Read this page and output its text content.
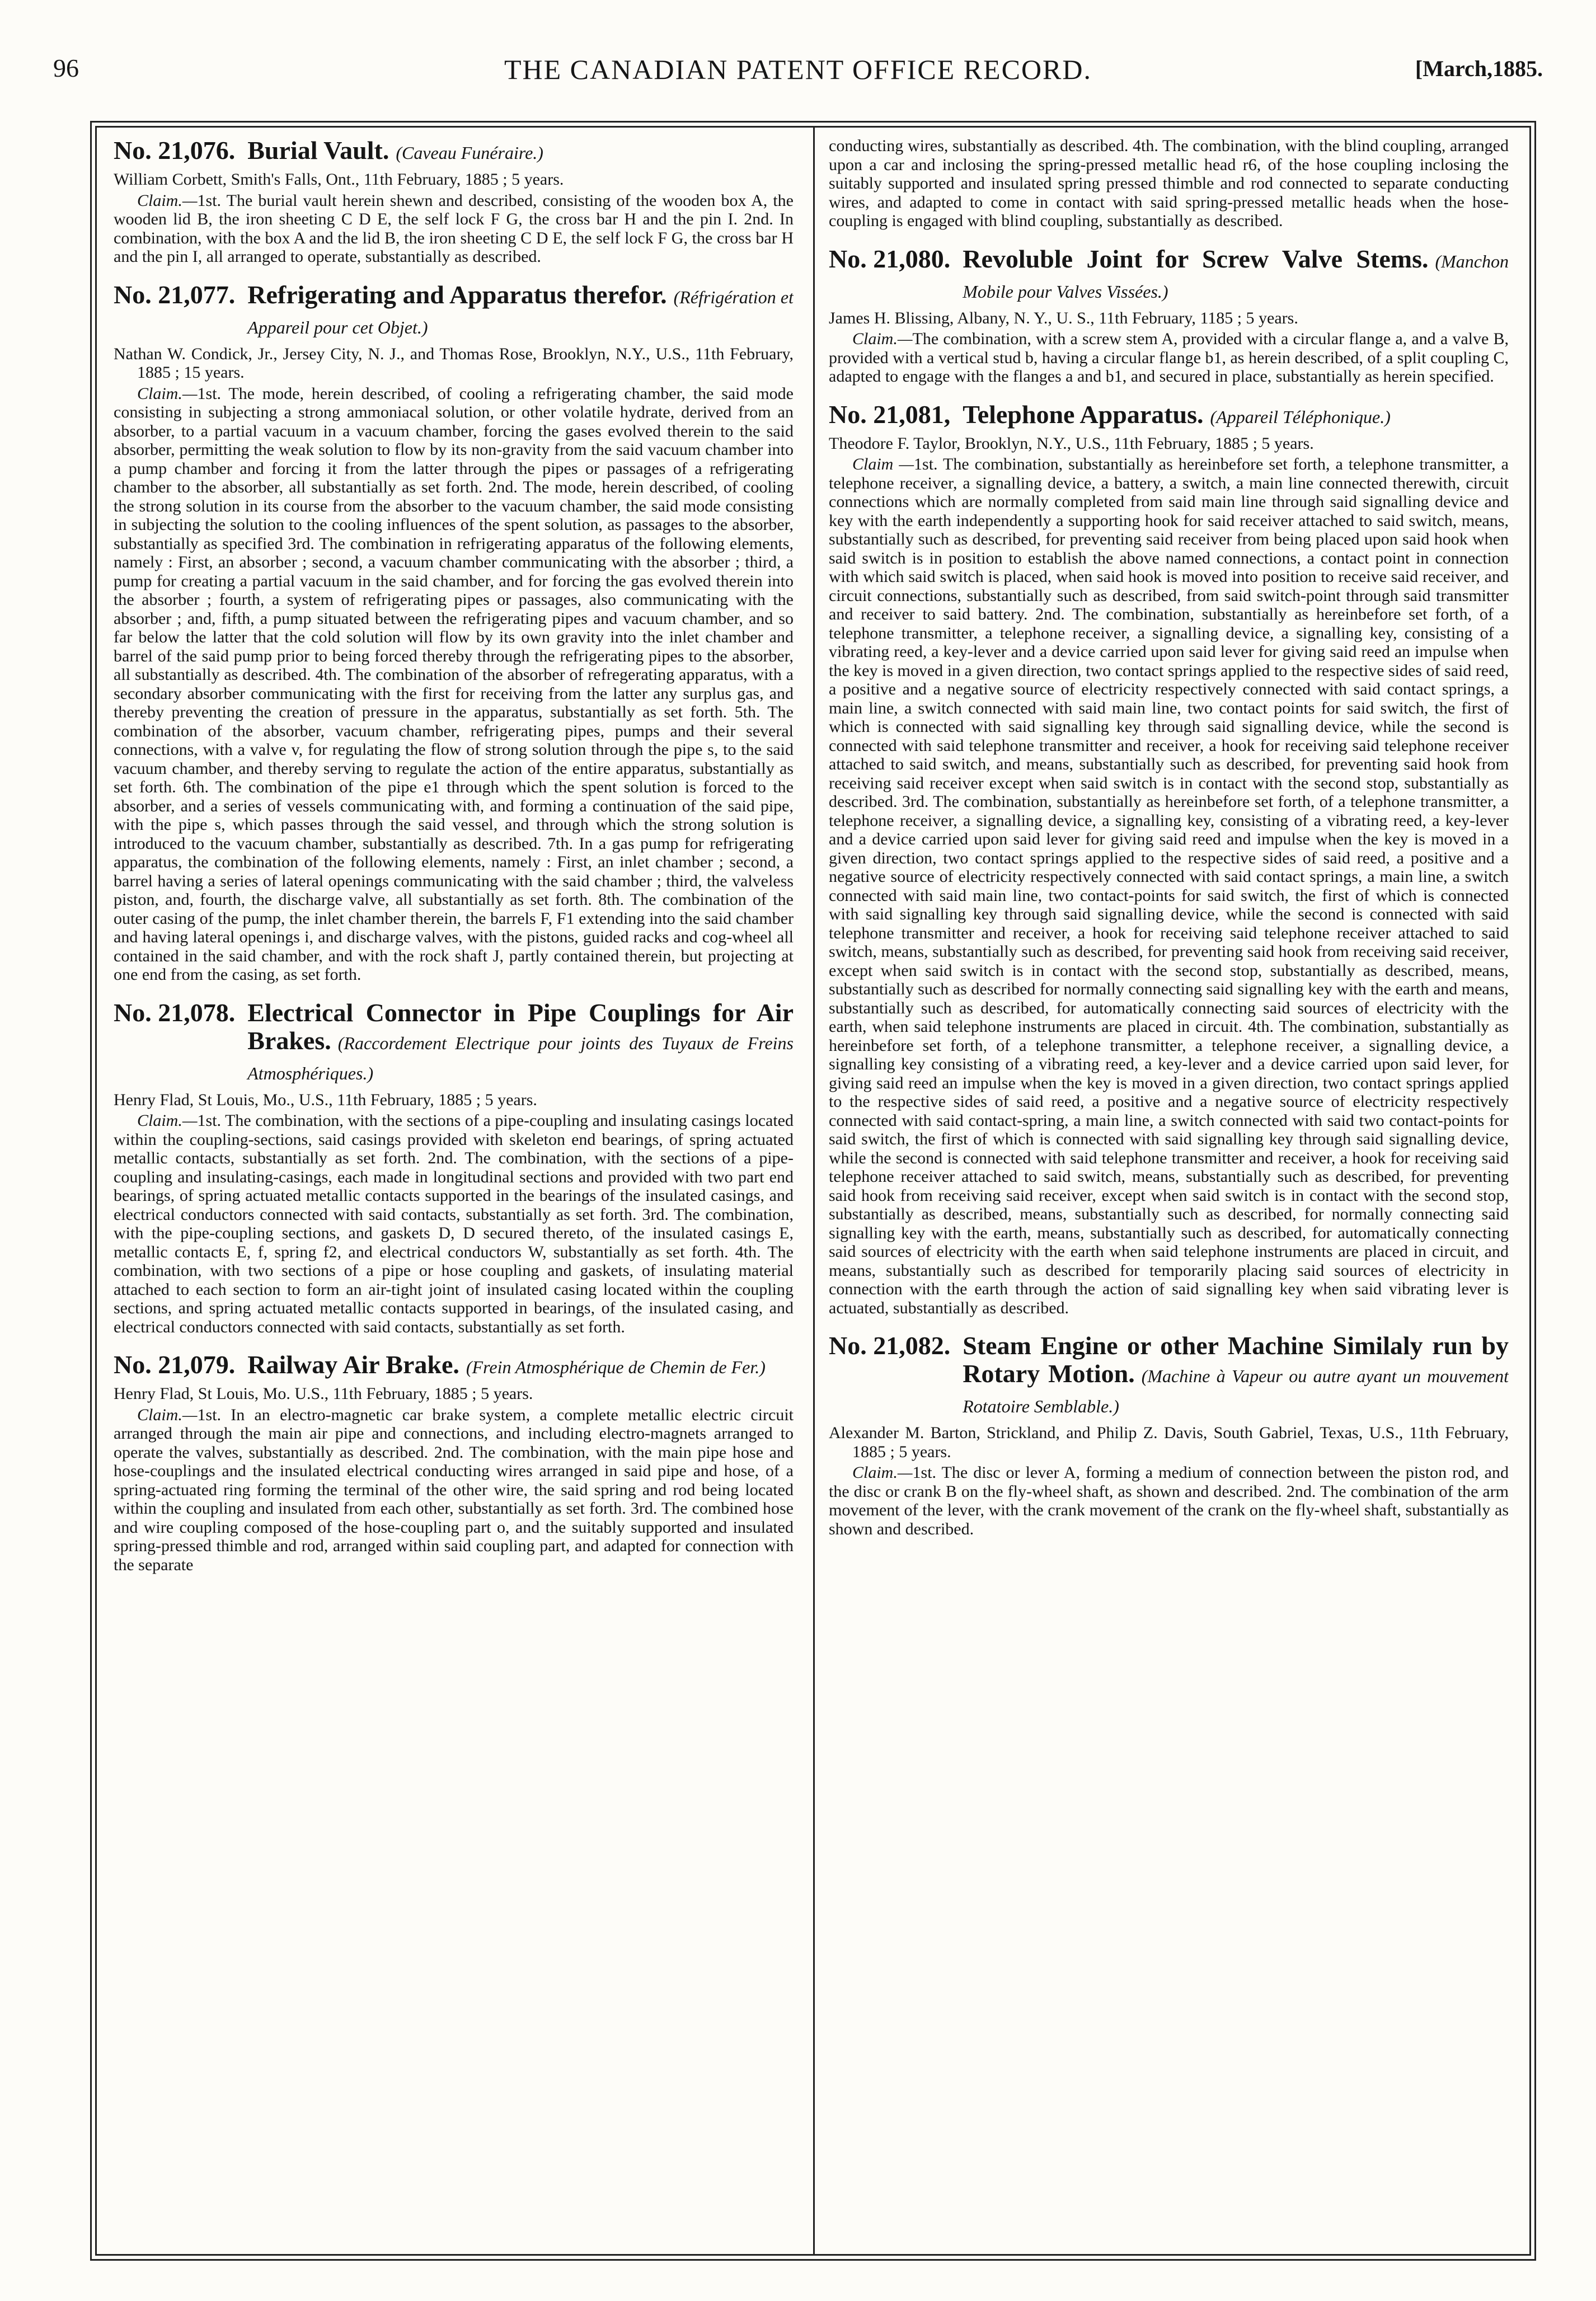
96	THE CANADIAN PATENT OFFICE RECORD.	[March,1885.
No. 21,076. Burial Vault. (Caveau Funéraire.)

William Corbett, Smith's Falls, Ont., 11th February, 1885 ; 5 years.

Claim.—1st. The burial vault herein shewn and described, consisting of the wooden box A, the wooden lid B, the iron sheeting C D E, the self lock F G, the cross bar H and the pin I. 2nd. In combination, with the box A and the lid B, the iron sheeting C D E, the self lock F G, the cross bar H and the pin I, all arranged to operate, substantially as described.

No. 21,077. Refrigerating and Apparatus therefor. (Réfrigération et Appareil pour cet Objet.)

Nathan W. Condick, Jr., Jersey City, N. J., and Thomas Rose, Brooklyn, N.Y., U.S., 11th February, 1885 ; 15 years.

Claim.—1st. The mode, herein described, of cooling a refrigerating chamber, the said mode consisting in subjecting a strong ammoniacal solution, or other volatile hydrate, derived from an absorber, to a partial vacuum in a vacuum chamber, forcing the gases evolved therein to the said absorber, permitting the weak solution to flow by its non-gravity from the said vacuum chamber into a pump chamber and forcing it from the latter through the pipes or passages of a refrigerating chamber to the absorber, all substantially as set forth. 2nd. The mode, herein described, of cooling the strong solution in its course from the absorber to the vacuum chamber, the said mode consisting in subjecting the solution to the cooling influences of the spent solution, as passages to the absorber, substantially as specified 3rd. The combination in refrigerating apparatus of the following elements, namely : First, an absorber ; second, a vacuum chamber communicating with the absorber ; third, a pump for creating a partial vacuum in the said chamber, and for forcing the gas evolved therein into the absorber ; fourth, a system of refrigerating pipes or passages, also communicating with the absorber ; and, fifth, a pump situated between the refrigerating pipes and vacuum chamber, and so far below the latter that the cold solution will flow by its own gravity into the inlet chamber and barrel of the said pump prior to being forced thereby through the refrigerating pipes to the absorber, all substantially as described. 4th. The combination of the absorber of refregerating apparatus, with a secondary absorber communicating with the first for receiving from the latter any surplus gas, and thereby preventing the creation of pressure in the apparatus, substantially as set forth. 5th. The combination of the absorber, vacuum chamber, refrigerating pipes, pumps and their several connections, with a valve v, for regulating the flow of strong solution through the pipe s, to the said vacuum chamber, and thereby serving to regulate the action of the entire apparatus, substantially as set forth. 6th. The combination of the pipe e1 through which the spent solution is forced to the absorber, and a series of vessels communicating with, and forming a continuation of the said pipe, with the pipe s, which passes through the said vessel, and through which the strong solution is introduced to the vacuum chamber, substantially as described. 7th. In a gas pump for refrigerating apparatus, the combination of the following elements, namely : First, an inlet chamber ; second, a barrel having a series of lateral openings communicating with the said chamber ; third, the valveless piston, and, fourth, the discharge valve, all substantially as set forth. 8th. The combination of the outer casing of the pump, the inlet chamber therein, the barrels F, F1 extending into the said chamber and having lateral openings i, and discharge valves, with the pistons, guided racks and cog-wheel all contained in the said chamber, and with the rock shaft J, partly contained therein, but projecting at one end from the casing, as set forth.

No. 21,078. Electrical Connector in Pipe Couplings for Air Brakes. (Raccordement Electrique pour joints des Tuyaux de Freins Atmosphériques.)

Henry Flad, St Louis, Mo., U.S., 11th February, 1885 ; 5 years.

Claim.—1st. The combination, with the sections of a pipe-coupling and insulating casings located within the coupling-sections, said casings provided with skeleton end bearings, of spring actuated metallic contacts, substantially as set forth. 2nd. The combination, with the sections of a pipe-coupling and insulating-casings, each made in longitudinal sections and provided with two part end bearings, of spring actuated metallic contacts supported in the bearings of the insulated casings, and electrical conductors connected with said contacts, substantially as set forth. 3rd. The combination, with the pipe-coupling sections, and gaskets D, D secured thereto, of the insulated casings E, metallic contacts E, f, spring f2, and electrical conductors W, substantially as set forth. 4th. The combination, with two sections of a pipe or hose coupling and gaskets, of insulating material attached to each section to form an air-tight joint of insulated casing located within the coupling sections, and spring actuated metallic contacts supported in bearings, of the insulated casing, and electrical conductors connected with said contacts, substantially as set forth.

No. 21,079. Railway Air Brake. (Frein Atmosphérique de Chemin de Fer.)

Henry Flad, St Louis, Mo. U.S., 11th February, 1885 ; 5 years.

Claim.—1st. In an electro-magnetic car brake system, a complete metallic electric circuit arranged through the main air pipe and connections, and including electro-magnets arranged to operate the valves, substantially as described. 2nd. The combination, with the main pipe hose and hose-couplings and the insulated electrical conducting wires arranged in said pipe and hose, of a spring-actuated ring forming the terminal of the other wire, the said spring and rod being located within the coupling and insulated from each other, substantially as set forth. 3rd. The combined hose and wire coupling composed of the hose-coupling part o, and the suitably supported and insulated spring-pressed thimble and rod, arranged within said coupling part, and adapted for connection with the separate

conducting wires, substantially as described. 4th. The combination, with the blind coupling, arranged upon a car and inclosing the spring-pressed metallic head r6, of the hose coupling inclosing the suitably supported and insulated spring pressed thimble and rod connected to separate conducting wires, and adapted to come in contact with said spring-pressed metallic heads when the hose-coupling is engaged with blind coupling, substantially as described.

No. 21,080. Revoluble Joint for Screw Valve Stems. (Manchon Mobile pour Valves Vissées.)

James H. Blissing, Albany, N. Y., U. S., 11th February, 1185 ; 5 years.

Claim.—The combination, with a screw stem A, provided with a circular flange a, and a valve B, provided with a vertical stud b, having a circular flange b1, as herein described, of a split coupling C, adapted to engage with the flanges a and b1, and secured in place, substantially as herein specified.

No. 21,081, Telephone Apparatus. (Appareil Téléphonique.)

Theodore F. Taylor, Brooklyn, N.Y., U.S., 11th February, 1885 ; 5 years.

Claim —1st. The combination, substantially as hereinbefore set forth, a telephone transmitter, a telephone receiver, a signalling device, a battery, a switch, a main line connected therewith, circuit connections which are normally completed from said main line through said signalling device and key with the earth independently a supporting hook for said receiver attached to said switch, means, substantially such as described, for preventing said receiver from being placed upon said hook when said switch is in position to establish the above named connections, a contact point in connection with which said switch is placed, when said hook is moved into position to receive said receiver, and circuit connections, substantially such as described, from said switch-point through said transmitter and receiver to said battery. 2nd. The combination, substantially as hereinbefore set forth, of a telephone transmitter, a telephone receiver, a signalling device, a signalling key, consisting of a vibrating reed, a key-lever and a device carried upon said lever for giving said reed an impulse when the key is moved in a given direction, two contact springs applied to the respective sides of said reed, a positive and a negative source of electricity respectively connected with said contact springs, a main line, a switch connected with said main line, two contact points for said switch, the first of which is connected with said signalling key through said signalling device, while the second is connected with said telephone transmitter and receiver, a hook for receiving said telephone receiver attached to said switch, and means, substantially such as described, for preventing said hook from receiving said receiver except when said switch is in contact with the second stop, substantially as described. 3rd. The combination, substantially as hereinbefore set forth, of a telephone transmitter, a telephone receiver, a signalling device, a signalling key, consisting of a vibrating reed, a key-lever and a device carried upon said lever for giving said reed and impulse when the key is moved in a given direction, two contact springs applied to the respective sides of said reed, a positive and a negative source of electricity respectively connected with said contact springs, a main line, a switch connected with said main line, two contact-points for said switch, the first of which is connected with said signalling key through said signalling device, while the second is connected with said telephone transmitter and receiver, a hook for receiving said telephone receiver attached to said switch, means, substantially such as described, for preventing said hook from receiving said receiver, except when said switch is in contact with the second stop, substantially as described, means, substantially such as described for normally connecting said signalling key with the earth and means, substantially such as described, for automatically connecting said sources of electricity with the earth, when said telephone instruments are placed in circuit. 4th. The combination, substantially as hereinbefore set forth, of a telephone transmitter, a telephone receiver, a signalling device, a signalling key consisting of a vibrating reed, a key-lever and a device carried upon said lever, for giving said reed an impulse when the key is moved in a given direction, two contact springs applied to the respective sides of said reed, a positive and a negative source of electricity respectively connected with said contact-spring, a main line, a switch connected with said two contact-points for said switch, the first of which is connected with said signalling key through said signalling device, while the second is connected with said telephone transmitter and receiver, a hook for receiving said telephone receiver attached to said switch, means, substantially such as described, for preventing said hook from receiving said receiver, except when said switch is in contact with the second stop, substantially as described, means, substantially such as described, for normally connecting said signalling key with the earth, means, substantially such as described, for automatically connecting said sources of electricity with the earth when said telephone instruments are placed in circuit, and means, substantially such as described for temporarily placing said sources of electricity in connection with the earth through the action of said signalling key when said vibrating lever is actuated, substantially as described.

No. 21,082. Steam Engine or other Machine Similaly run by Rotary Motion. (Machine à Vapeur ou autre ayant un mouvement Rotatoire Semblable.)

Alexander M. Barton, Strickland, and Philip Z. Davis, South Gabriel, Texas, U.S., 11th February, 1885 ; 5 years.

Claim.—1st. The disc or lever A, forming a medium of connection between the piston rod, and the disc or crank B on the fly-wheel shaft, as shown and described. 2nd. The combination of the arm movement of the lever, with the crank movement of the crank on the fly-wheel shaft, substantially as shown and described.
